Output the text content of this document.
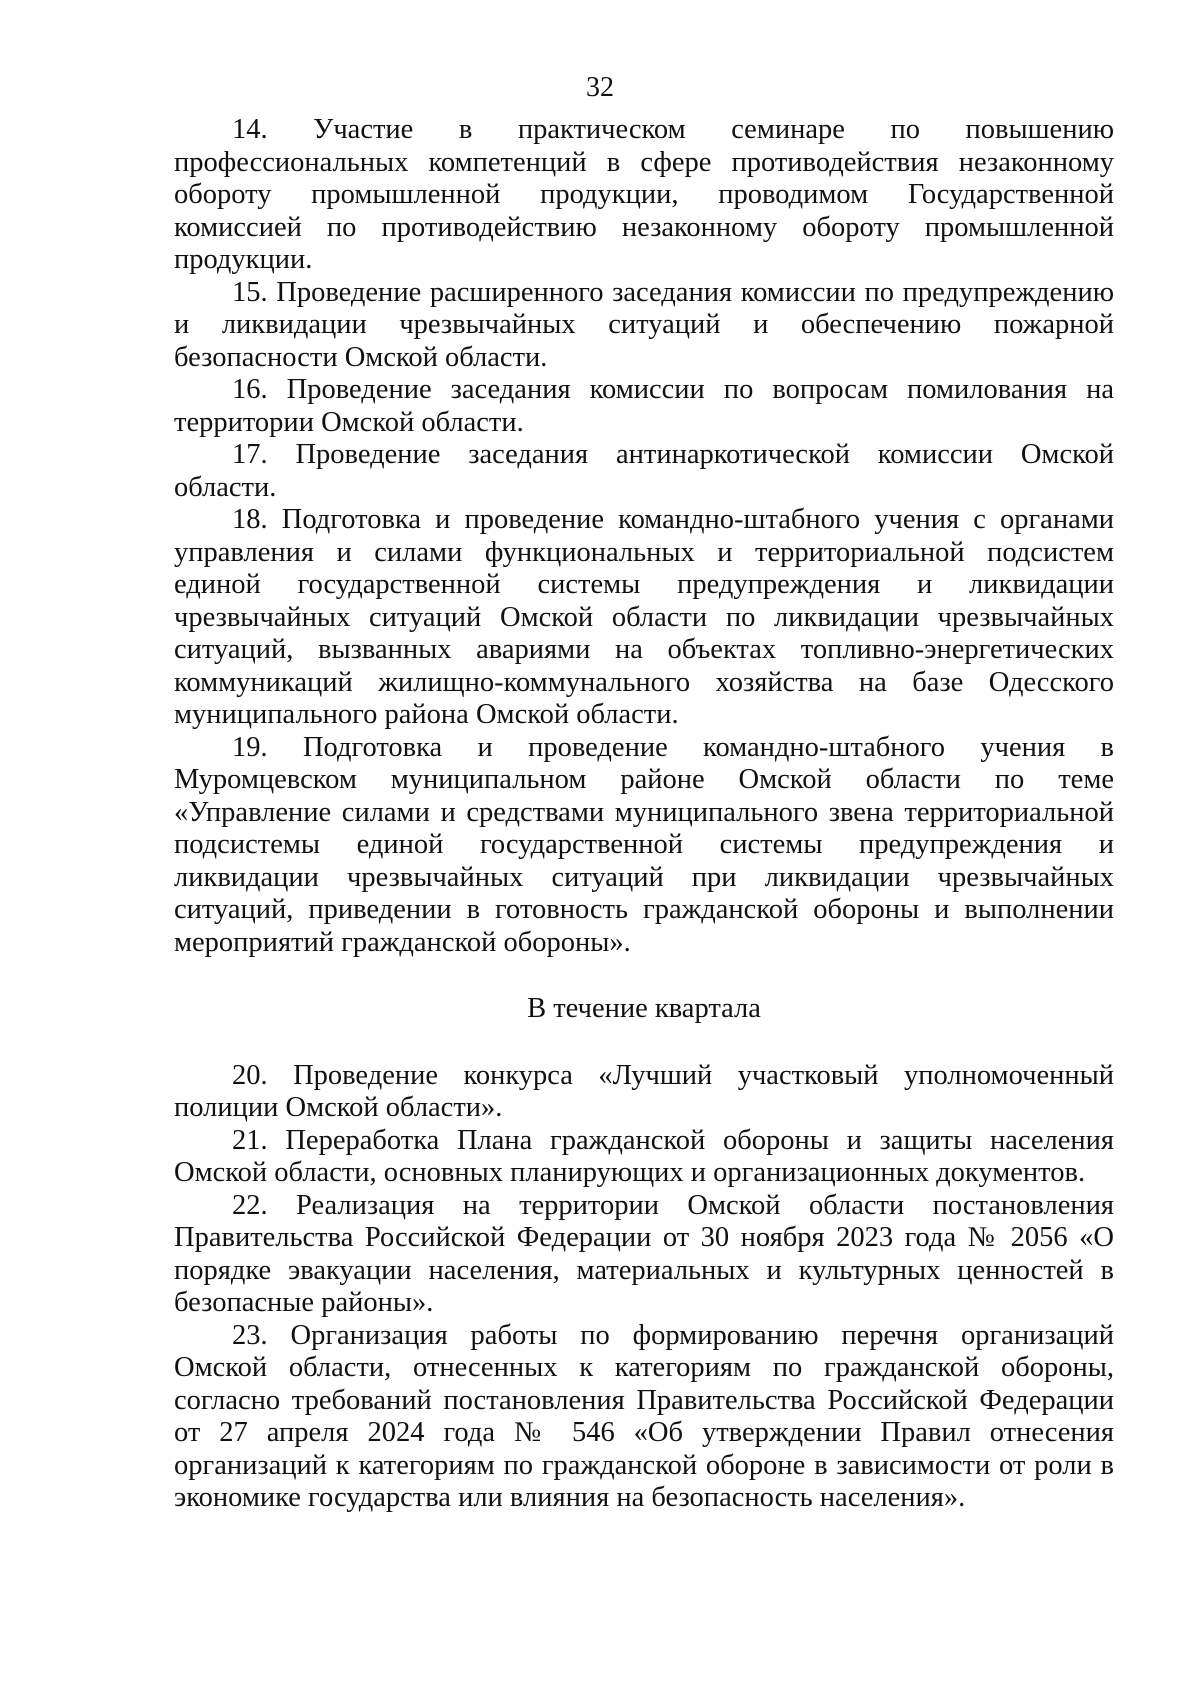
32

14. Участие в практическом семинаре по повышению профессиональных компетенций в сфере противодействия незаконному обороту промышленной продукции, проводимом Государственной комиссией по противодействию незаконному обороту промышленной продукции.

15. Проведение расширенного заседания комиссии по предупреждению и ликвидации чрезвычайных ситуаций и обеспечению пожарной безопасности Омской области.

16. Проведение заседания комиссии по вопросам помилования на территории Омской области.

17. Проведение заседания антинаркотической комиссии Омской области.

18. Подготовка и проведение командно-штабного учения с органами управления и силами функциональных и территориальной подсистем единой государственной системы предупреждения и ликвидации чрезвычайных ситуаций Омской области по ликвидации чрезвычайных ситуаций, вызванных авариями на объектах топливно-энергетических коммуникаций жилищно-коммунального хозяйства на базе Одесского муниципального района Омской области.

19. Подготовка и проведение командно-штабного учения в Муромцевском муниципальном районе Омской области по теме «Управление силами и средствами муниципального звена территориальной подсистемы единой государственной системы предупреждения и ликвидации чрезвычайных ситуаций при ликвидации чрезвычайных ситуаций, приведении в готовность гражданской обороны и выполнении мероприятий гражданской обороны».

В течение квартала

20. Проведение конкурса «Лучший участковый уполномоченный полиции Омской области».

21. Переработка Плана гражданской обороны и защиты населения Омской области, основных планирующих и организационных документов.

22. Реализация на территории Омской области постановления Правительства Российской Федерации от 30 ноября 2023 года № 2056 «О порядке эвакуации населения, материальных и культурных ценностей в безопасные районы».

23. Организация работы по формированию перечня организаций Омской области, отнесенных к категориям по гражданской обороны, согласно требований постановления Правительства Российской Федерации от 27 апреля 2024 года № 546 «Об утверждении Правил отнесения организаций к категориям по гражданской обороне в зависимости от роли в экономике государства или влияния на безопасность населения».
